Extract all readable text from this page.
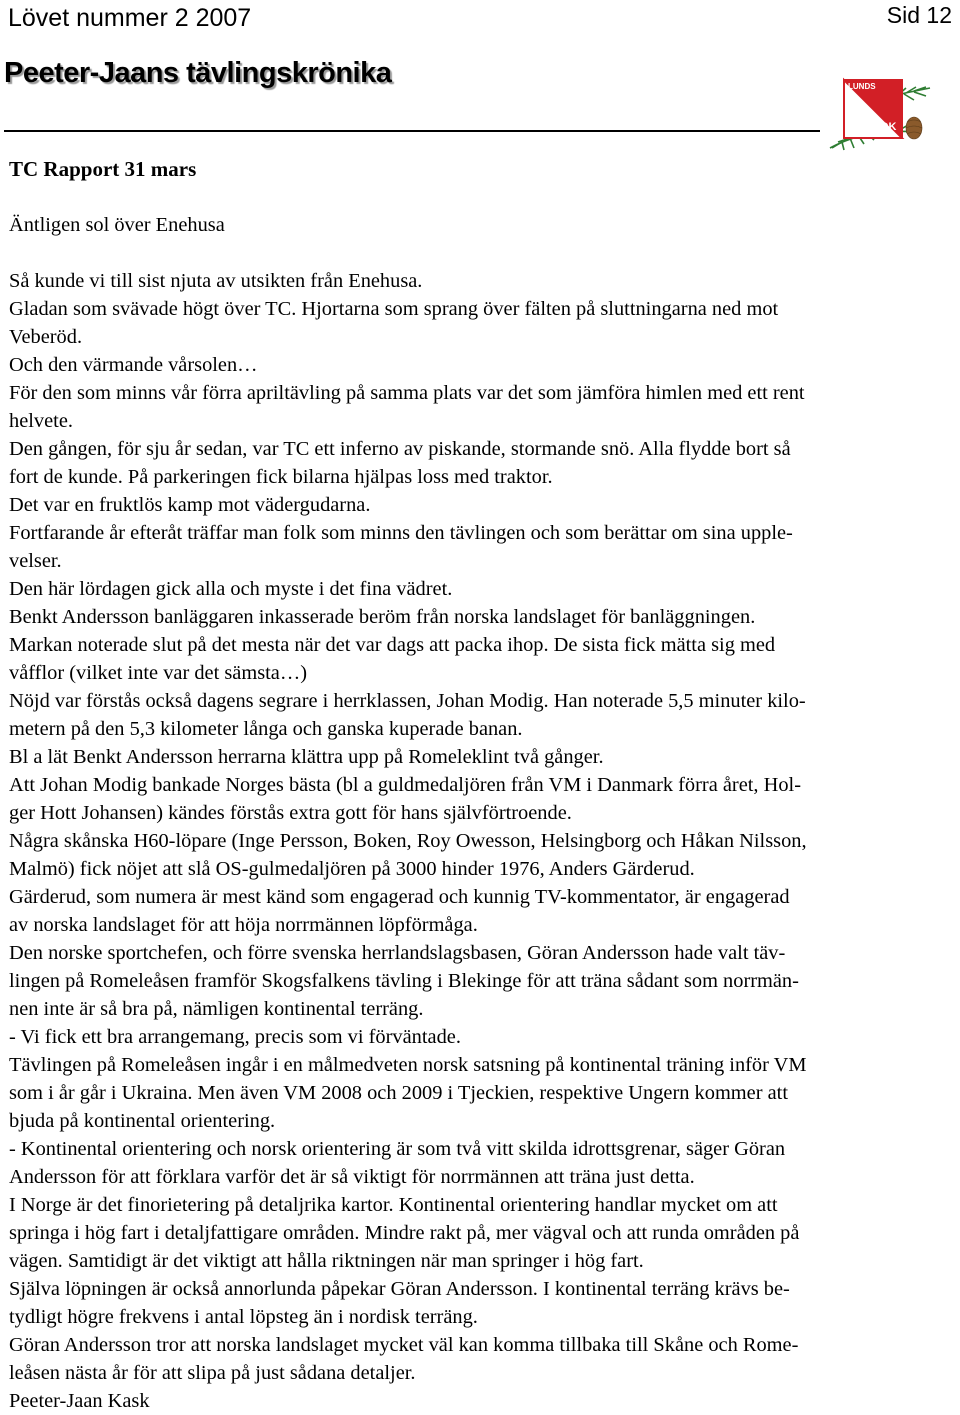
Lövet nummer 2 2007	Sid 12
Peeter-Jaans tävlingskrönika	LUNDS
OK

TC Rapport 31 mars

Äntligen sol över Enehusa

Så kunde vi till sist njuta av utsikten från Enehusa.

Gladan som svävade högt över TC. Hjortarna som sprang över fälten på sluttningarna ned mot

Veberöd.

Och den värmande vårsolen…

För den som minns vår förra apriltävling på samma plats var det som jämföra himlen med ett rent

helvete.

Den gången, för sju år sedan, var TC ett inferno av piskande, stormande snö. Alla flydde bort så

fort de kunde. På parkeringen fick bilarna hjälpas loss med traktor.

Det var en fruktlös kamp mot vädergudarna.

Fortfarande år efteråt träffar man folk som minns den tävlingen och som berättar om sina upple-

velser.

Den här lördagen gick alla och myste i det fina vädret.

Benkt Andersson banläggaren inkasserade beröm från norska landslaget för banläggningen.

Markan noterade slut på det mesta när det var dags att packa ihop. De sista fick mätta sig med

våfflor (vilket inte var det sämsta…)

Nöjd var förstås också dagens segrare i herrklassen, Johan Modig. Han noterade 5,5 minuter kilo-

metern på den 5,3 kilometer långa och ganska kuperade banan.

Bl a lät Benkt Andersson herrarna klättra upp på Romeleklint två gånger.

Att Johan Modig bankade Norges bästa (bl a guldmedaljören från VM i Danmark förra året, Hol-

ger Hott Johansen) kändes förstås extra gott för hans självförtroende.

Några skånska H60-löpare (Inge Persson, Boken, Roy Owesson, Helsingborg och Håkan Nilsson,

Malmö) fick nöjet att slå OS-gulmedaljören på 3000 hinder 1976, Anders Gärderud.

Gärderud, som numera är mest känd som engagerad och kunnig TV-kommentator, är engagerad

av norska landslaget för att höja norrmännen löpförmåga.

Den norske sportchefen, och förre svenska herrlandslagsbasen, Göran Andersson hade valt täv-

lingen på Romeleåsen framför Skogsfalkens tävling i Blekinge för att träna sådant som norrmän-

nen inte är så bra på, nämligen kontinental terräng.

- Vi fick ett bra arrangemang, precis som vi förväntade.

Tävlingen på Romeleåsen ingår i en målmedveten norsk satsning på kontinental träning inför VM

som i år går i Ukraina. Men även VM 2008 och 2009 i Tjeckien, respektive Ungern kommer att

bjuda på kontinental orientering.

- Kontinental orientering och norsk orientering är som två vitt skilda idrottsgrenar, säger Göran

Andersson för att förklara varför det är så viktigt för norrmännen att träna just detta.

I Norge är det finorietering på detaljrika kartor. Kontinental orientering handlar mycket om att

springa i hög fart i detaljfattigare områden. Mindre rakt på, mer vägval och att runda områden på

vägen. Samtidigt är det viktigt att hålla riktningen när man springer i hög fart.

Själva löpningen är också annorlunda påpekar Göran Andersson. I kontinental terräng krävs be-

tydligt högre frekvens i antal löpsteg än i nordisk terräng.

Göran Andersson tror att norska landslaget mycket väl kan komma tillbaka till Skåne och Rome-

leåsen nästa år för att slipa på just sådana detaljer.

Peeter-Jaan Kask
